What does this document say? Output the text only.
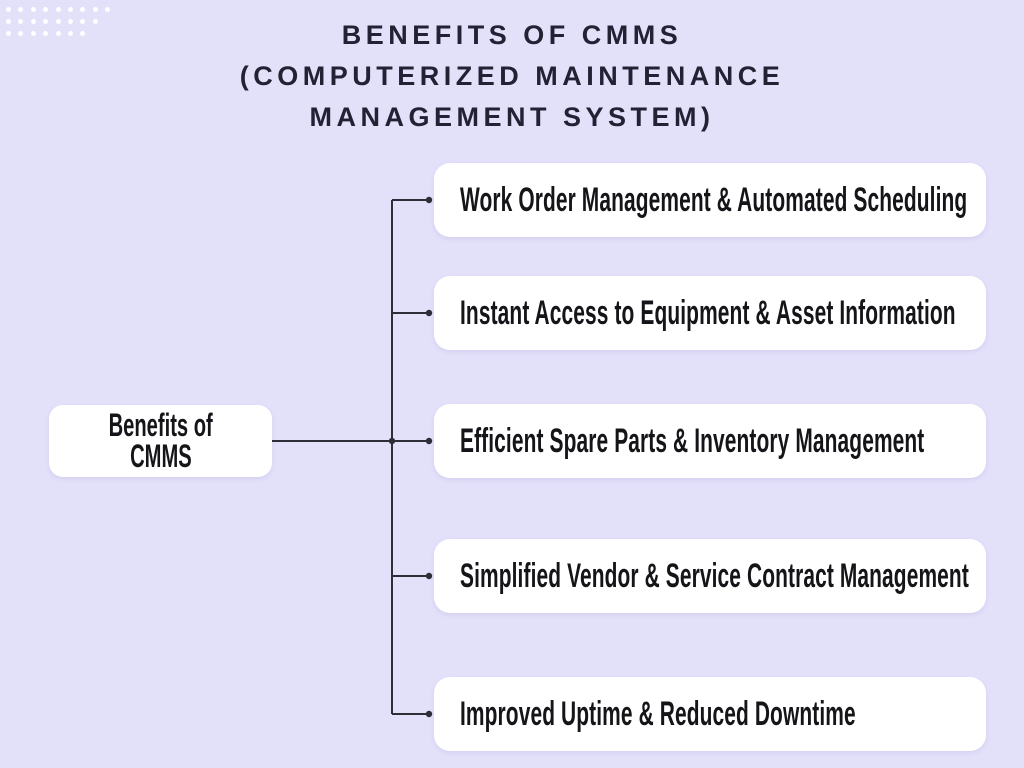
BENEFITS OF CMMS
(COMPUTERIZED MAINTENANCE
MANAGEMENT SYSTEM)
Benefits of
CMMS
Work Order Management & Automated Scheduling
Instant Access to Equipment & Asset Information
Efficient Spare Parts & Inventory Management
Simplified Vendor & Service Contract Management
Improved Uptime & Reduced Downtime
